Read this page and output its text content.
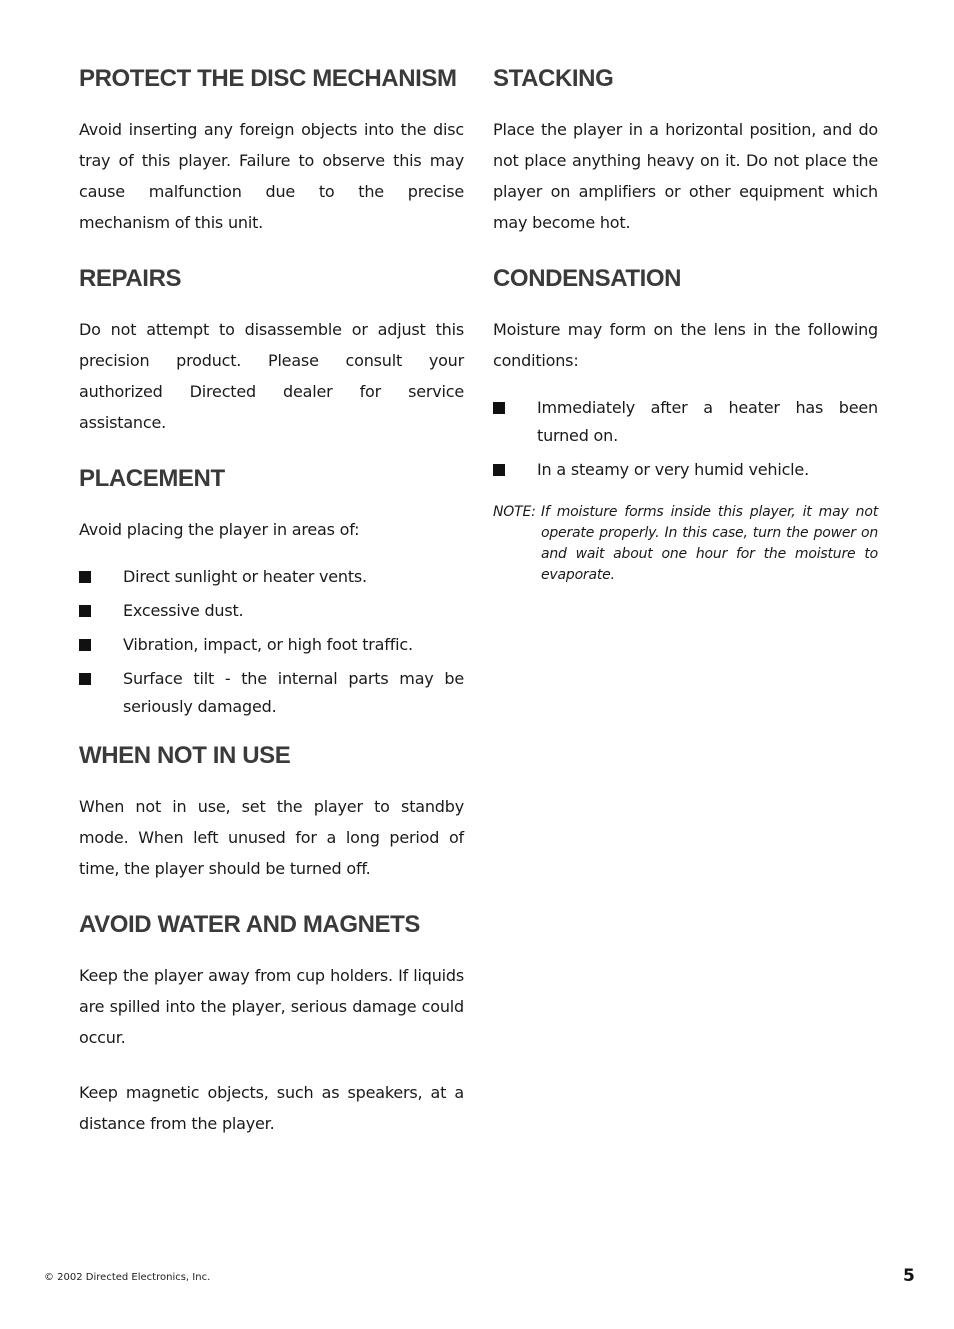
PROTECT THE DISC MECHANISM

Avoid inserting any foreign objects into the disc tray of this player. Failure to observe this may cause malfunction due to the precise mechanism of this unit.

REPAIRS

Do not attempt to disassemble or adjust this precision product. Please consult your authorized Directed dealer for service assistance.

PLACEMENT

Avoid placing the player in areas of:

Direct sunlight or heater vents.
Excessive dust.
Vibration, impact, or high foot traffic.
Surface tilt - the internal parts may be seriously damaged.
WHEN NOT IN USE

When not in use, set the player to standby mode. When left unused for a long period of time, the player should be turned off.

AVOID WATER AND MAGNETS

Keep the player away from cup holders. If liquids are spilled into the player, serious damage could occur.

Keep magnetic objects, such as speakers, at a distance from the player.

STACKING

Place the player in a horizontal position, and do not place anything heavy on it. Do not place the player on amplifiers or other equipment which may become hot.

CONDENSATION

Moisture may form on the lens in the following conditions:

Immediately after a heater has been turned on.
In a steamy or very humid vehicle.
NOTE: If moisture forms inside this player, it may not operate properly. In this case, turn the power on and wait about one hour for the moisture to evaporate.
© 2002 Directed Electronics, Inc.	5
